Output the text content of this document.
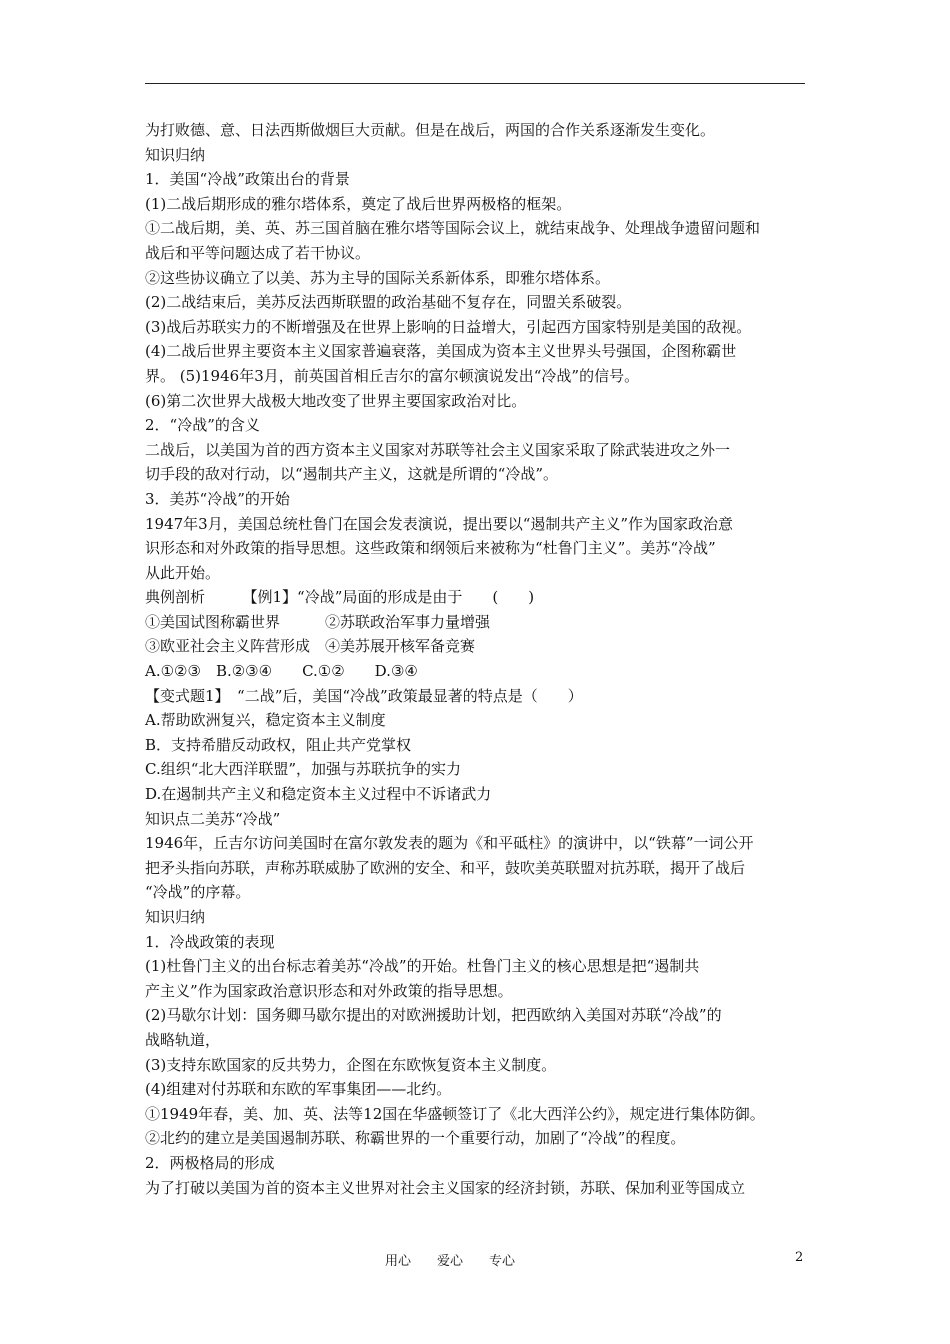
为打败德、意、日法西斯做烟巨大贡献。但是在战后，两国的合作关系逐渐发生变化。
知识归纳
1．美国“冷战”政策出台的背景
(1)二战后期形成的雅尔塔体系，奠定了战后世界两极格的框架。
①二战后期，美、英、苏三国首脑在雅尔塔等国际会议上，就结束战争、处理战争遗留问题和
战后和平等问题达成了若干协议。
②这些协议确立了以美、苏为主导的国际关系新体系，即雅尔塔体系。
(2)二战结束后，美苏反法西斯联盟的政治基础不复存在，同盟关系破裂。
(3)战后苏联实力的不断增强及在世界上影响的日益增大，引起西方国家特别是美国的敌视。
(4)二战后世界主要资本主义国家普遍衰落，美国成为资本主义世界头号强国，企图称霸世
界。 (5)1946年3月，前英国首相丘吉尔的富尔顿演说发出“冷战”的信号。
(6)第二次世界大战极大地改变了世界主要国家政治对比。
2．“冷战”的含义
二战后，以美国为首的西方资本主义国家对苏联等社会主义国家采取了除武装进攻之外一
切手段的敌对行动，以“遏制共产主义，这就是所谓的“冷战”。
3．美苏“冷战”的开始
1947年3月，美国总统杜鲁门在国会发表演说，提出要以“遏制共产主义”作为国家政治意
识形态和对外政策的指导思想。这些政策和纲领后来被称为“杜鲁门主义”。美苏“冷战”
从此开始。
典例剖析　　　【例1】“冷战”局面的形成是由于　　(　　)
①美国试图称霸世界　　　②苏联政治军事力量增强
③欧亚社会主义阵营形成　④美苏展开核军备竞赛
A.①②③　B.②③④　　C.①②　　D.③④
【变式题1】　“二战”后，美国“冷战”政策最显著的特点是（　　）
A.帮助欧洲复兴，稳定资本主义制度
B．支持希腊反动政权，阻止共产党掌权
C.组织“北大西洋联盟”，加强与苏联抗争的实力
D.在遏制共产主义和稳定资本主义过程中不诉诸武力
知识点二美苏“冷战”
1946年，丘吉尔访问美国时在富尔敦发表的题为《和平砥柱》的演讲中，以“铁幕”一词公开
把矛头指向苏联，声称苏联威胁了欧洲的安全、和平，鼓吹美英联盟对抗苏联，揭开了战后
“冷战”的序幕。
知识归纳
1．冷战政策的表现
(1)杜鲁门主义的出台标志着美苏“冷战”的开始。杜鲁门主义的核心思想是把“遏制共
产主义”作为国家政治意识形态和对外政策的指导思想。
(2)马歇尔计划：国务卿马歇尔提出的对欧洲援助计划，把西欧纳入美国对苏联“冷战”的
战略轨道，
(3)支持东欧国家的反共势力，企图在东欧恢复资本主义制度。
(4)组建对付苏联和东欧的军事集团——北约。
①1949年春，美、加、英、法等12国在华盛顿签订了《北大西洋公约》，规定进行集体防御。
②北约的建立是美国遏制苏联、称霸世界的一个重要行动，加剧了“冷战”的程度。
2．两极格局的形成
为了打破以美国为首的资本主义世界对社会主义国家的经济封锁，苏联、保加利亚等国成立
用心　　爱心　　专心	2
